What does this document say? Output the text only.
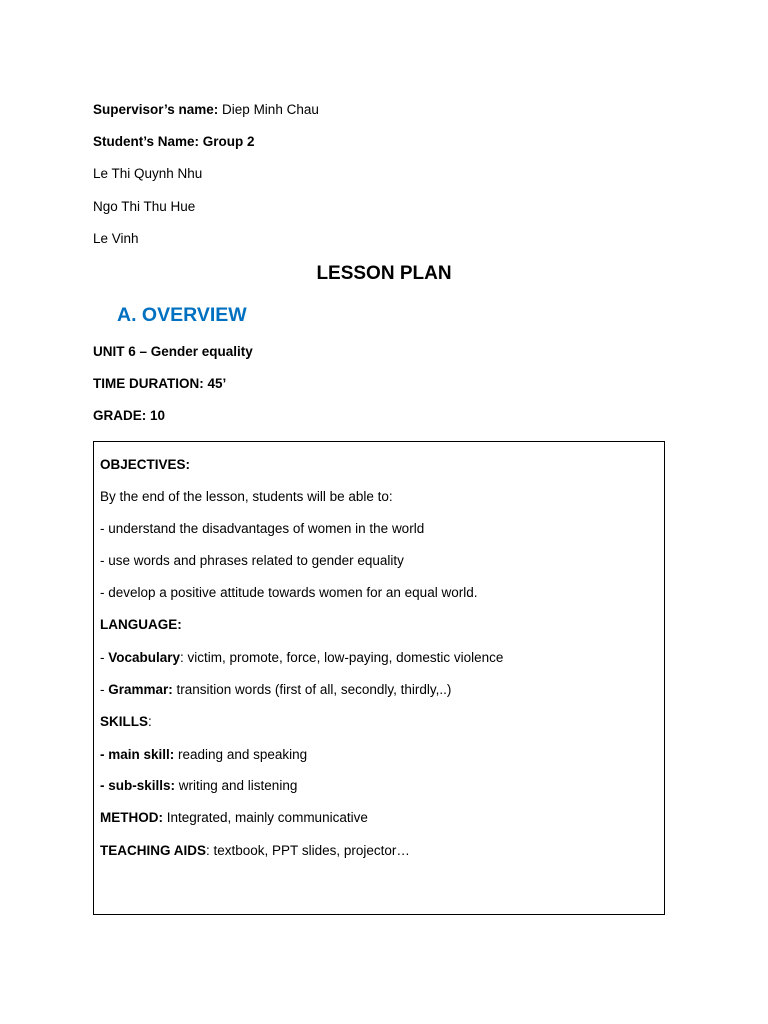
Supervisor’s name: Diep Minh Chau
Student’s Name: Group 2
Le Thi Quynh Nhu
Ngo Thi Thu Hue
Le Vinh
LESSON PLAN
A. OVERVIEW
UNIT 6 – Gender equality
TIME DURATION: 45’
GRADE: 10
OBJECTIVES:
By the end of the lesson, students will be able to:
- understand the disadvantages of women in the world
- use words and phrases related to gender equality
- develop a positive attitude towards women for an equal world.
LANGUAGE:
- Vocabulary: victim, promote, force, low-paying, domestic violence
- Grammar: transition words (first of all, secondly, thirdly,..)
SKILLS:
- main skill: reading and speaking
- sub-skills: writing and listening
METHOD: Integrated, mainly communicative
TEACHING AIDS: textbook, PPT slides, projector…
